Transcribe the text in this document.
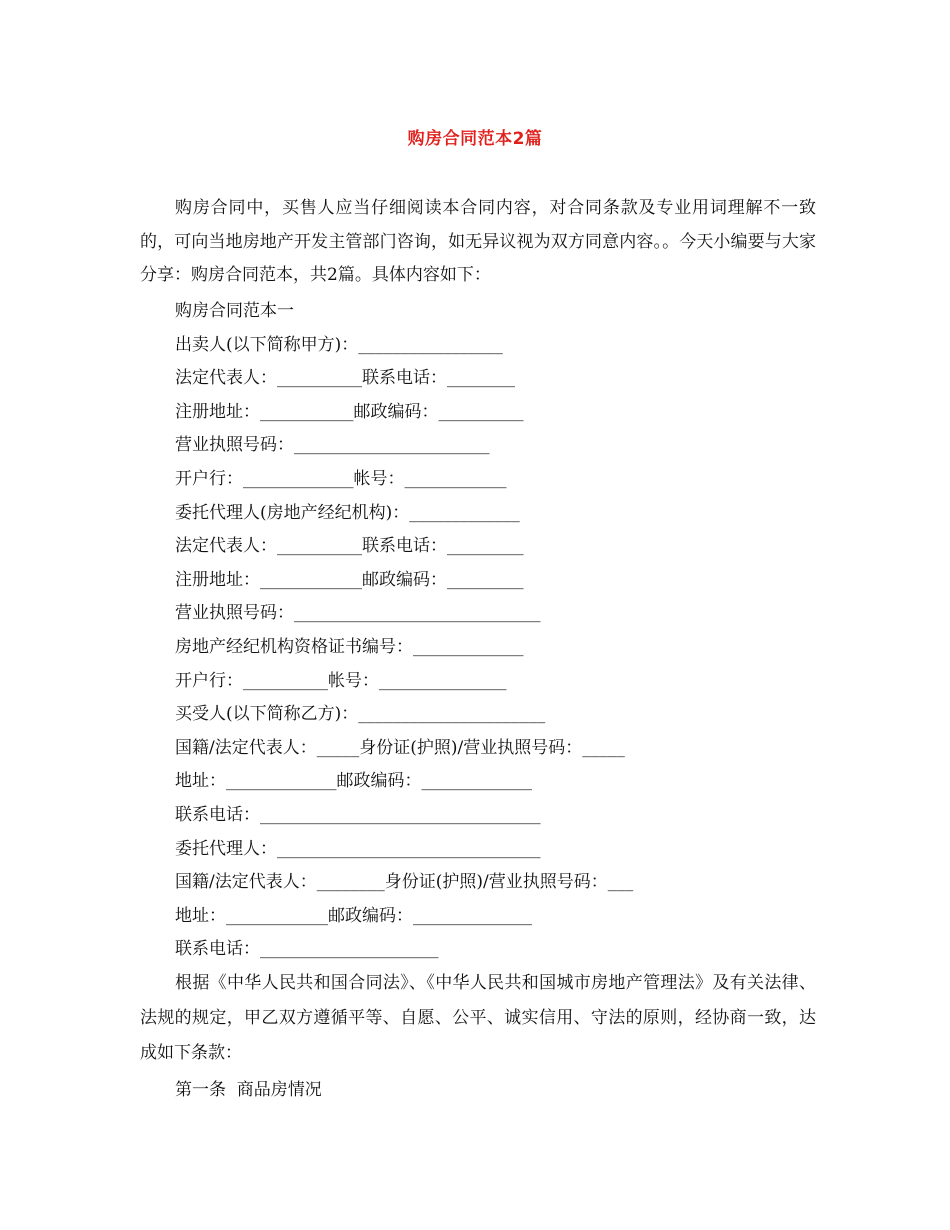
购房合同范本2篇

购房合同中，买售人应当仔细阅读本合同内容，对合同条款及专业用词理解不一致的，可向当地房地产开发主管部门咨询，如无异议视为双方同意内容。。今天小编要与大家分享：购房合同范本，共2篇。具体内容如下：

购房合同范本一
出卖人(以下简称甲方)：_________________
法定代表人：__________联系电话：________
注册地址：___________邮政编码：__________
营业执照号码：_______________________
开户行：_____________帐号：____________
委托代理人(房地产经纪机构)：_____________
法定代表人：__________联系电话：_________
注册地址：____________邮政编码：_________
营业执照号码：_____________________________
房地产经纪机构资格证书编号：_____________
开户行：__________帐号：_______________
买受人(以下简称乙方)：______________________
国籍/法定代表人：_____身份证(护照)/营业执照号码：_____
地址：_____________邮政编码：_____________
联系电话：_________________________________
委托代理人：_______________________________
国籍/法定代表人：________身份证(护照)/营业执照号码：___
地址：____________邮政编码：______________
联系电话：_____________________

根据《中华人民共和国合同法》、《中华人民共和国城市房地产管理法》及有关法律、法规的规定，甲乙双方遵循平等、自愿、公平、诚实信用、守法的原则，经协商一致，达成如下条款：

第一条  商品房情况
